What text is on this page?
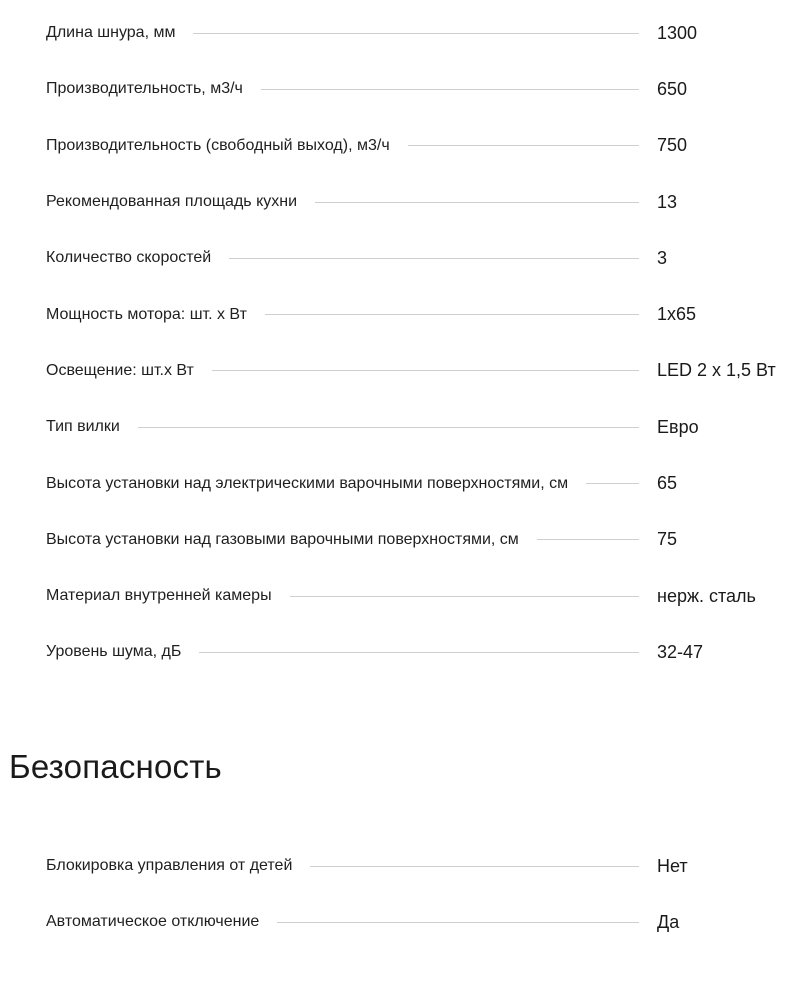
Длина шнура, мм	1300
Производительность, м3/ч	650
Производительность (свободный выход), м3/ч	750
Рекомендованная площадь кухни	13
Количество скоростей	3
Мощность мотора: шт. х Вт	1х65
Освещение: шт.х Вт	LED 2 x 1,5 Вт
Тип вилки	Евро
Высота установки над электрическими варочными поверхностями, см	65
Высота установки над газовыми варочными поверхностями, см	75
Материал внутренней камеры	нерж. сталь
Уровень шума, дБ	32-47
Безопасность
Блокировка управления от детей	Нет
Автоматическое отключение	Да
